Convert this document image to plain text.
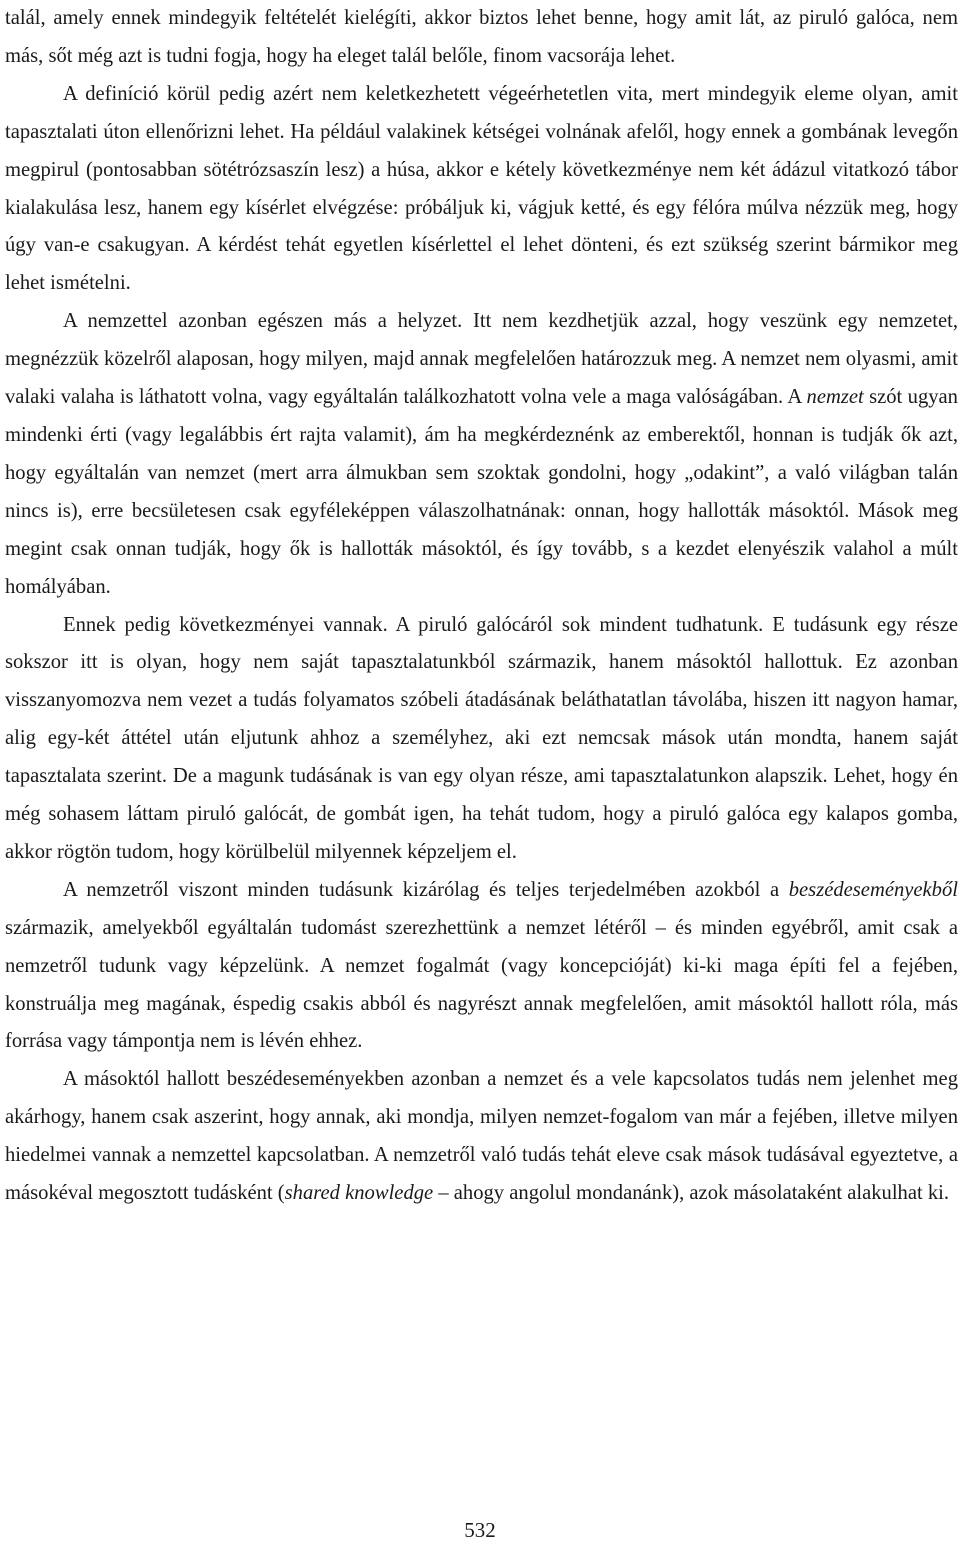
talál, amely ennek mindegyik feltételét kielégíti, akkor biztos lehet benne, hogy amit lát, az piruló galóca, nem más, sőt még azt is tudni fogja, hogy ha eleget talál belőle, finom vacsorája lehet.

A definíció körül pedig azért nem keletkezhetett végeérhetetlen vita, mert mindegyik eleme olyan, amit tapasztalati úton ellenőrizni lehet. Ha például valakinek kétségei volnának afelől, hogy ennek a gombának levegőn megpirul (pontosabban sötétrózsaszín lesz) a húsa, akkor e kétely következménye nem két ádázul vitatkozó tábor kialakulása lesz, hanem egy kísérlet elvégzése: próbáljuk ki, vágjuk ketté, és egy félóra múlva nézzük meg, hogy úgy van-e csakugyan. A kérdést tehát egyetlen kísérlettel el lehet dönteni, és ezt szükség szerint bármikor meg lehet ismételni.

A nemzettel azonban egészen más a helyzet. Itt nem kezdhetjük azzal, hogy veszünk egy nemzetet, megnézzük közelről alaposan, hogy milyen, majd annak megfelelően határozzuk meg. A nemzet nem olyasmi, amit valaki valaha is láthatott volna, vagy egyáltalán találkozhatott volna vele a maga valóságában. A nemzet szót ugyan mindenki érti (vagy legalábbis ért rajta valamit), ám ha megkérdeznénk az emberektől, honnan is tudják ők azt, hogy egyáltalán van nemzet (mert arra álmukban sem szoktak gondolni, hogy „odakint”, a való világban talán nincs is), erre becsületesen csak egyféleképpen válaszolhatnának: onnan, hogy hallották másoktól. Mások meg megint csak onnan tudják, hogy ők is hallották másoktól, és így tovább, s a kezdet elenyészik valahol a múlt homályában.

Ennek pedig következményei vannak. A piruló galócáról sok mindent tudhatunk. E tudásunk egy része sokszor itt is olyan, hogy nem saját tapasztalatunkból származik, hanem másoktól hallottuk. Ez azonban visszanyomozva nem vezet a tudás folyamatos szóbeli átadásának beláthatatlan távolába, hiszen itt nagyon hamar, alig egy-két áttétel után eljutunk ahhoz a személyhez, aki ezt nemcsak mások után mondta, hanem saját tapasztalata szerint. De a magunk tudásának is van egy olyan része, ami tapasztalatunkon alapszik. Lehet, hogy én még sohasem láttam piruló galócát, de gombát igen, ha tehát tudom, hogy a piruló galóca egy kalapos gomba, akkor rögtön tudom, hogy körülbelül milyennek képzeljem el.

A nemzetről viszont minden tudásunk kizárólag és teljes terjedelmében azokból a beszédeseményekből származik, amelyekből egyáltalán tudomást szerezhettünk a nemzet létéről – és minden egyébről, amit csak a nemzetről tudunk vagy képzelünk. A nemzet fogalmát (vagy koncepcióját) ki-ki maga építi fel a fejében, konstruálja meg magának, éspedig csakis abból és nagyrészt annak megfelelően, amit másoktól hallott róla, más forrása vagy támpontja nem is lévén ehhez.

A másoktól hallott beszédeseményekben azonban a nemzet és a vele kapcsolatos tudás nem jelenhet meg akárhogy, hanem csak aszerint, hogy annak, aki mondja, milyen nemzet-fogalom van már a fejében, illetve milyen hiedelmei vannak a nemzettel kapcsolatban. A nemzetről való tudás tehát eleve csak mások tudásával egyeztetve, a másokéval megosztott tudásként (shared knowledge – ahogy angolul mondanánk), azok másolataként alakulhat ki.

532
